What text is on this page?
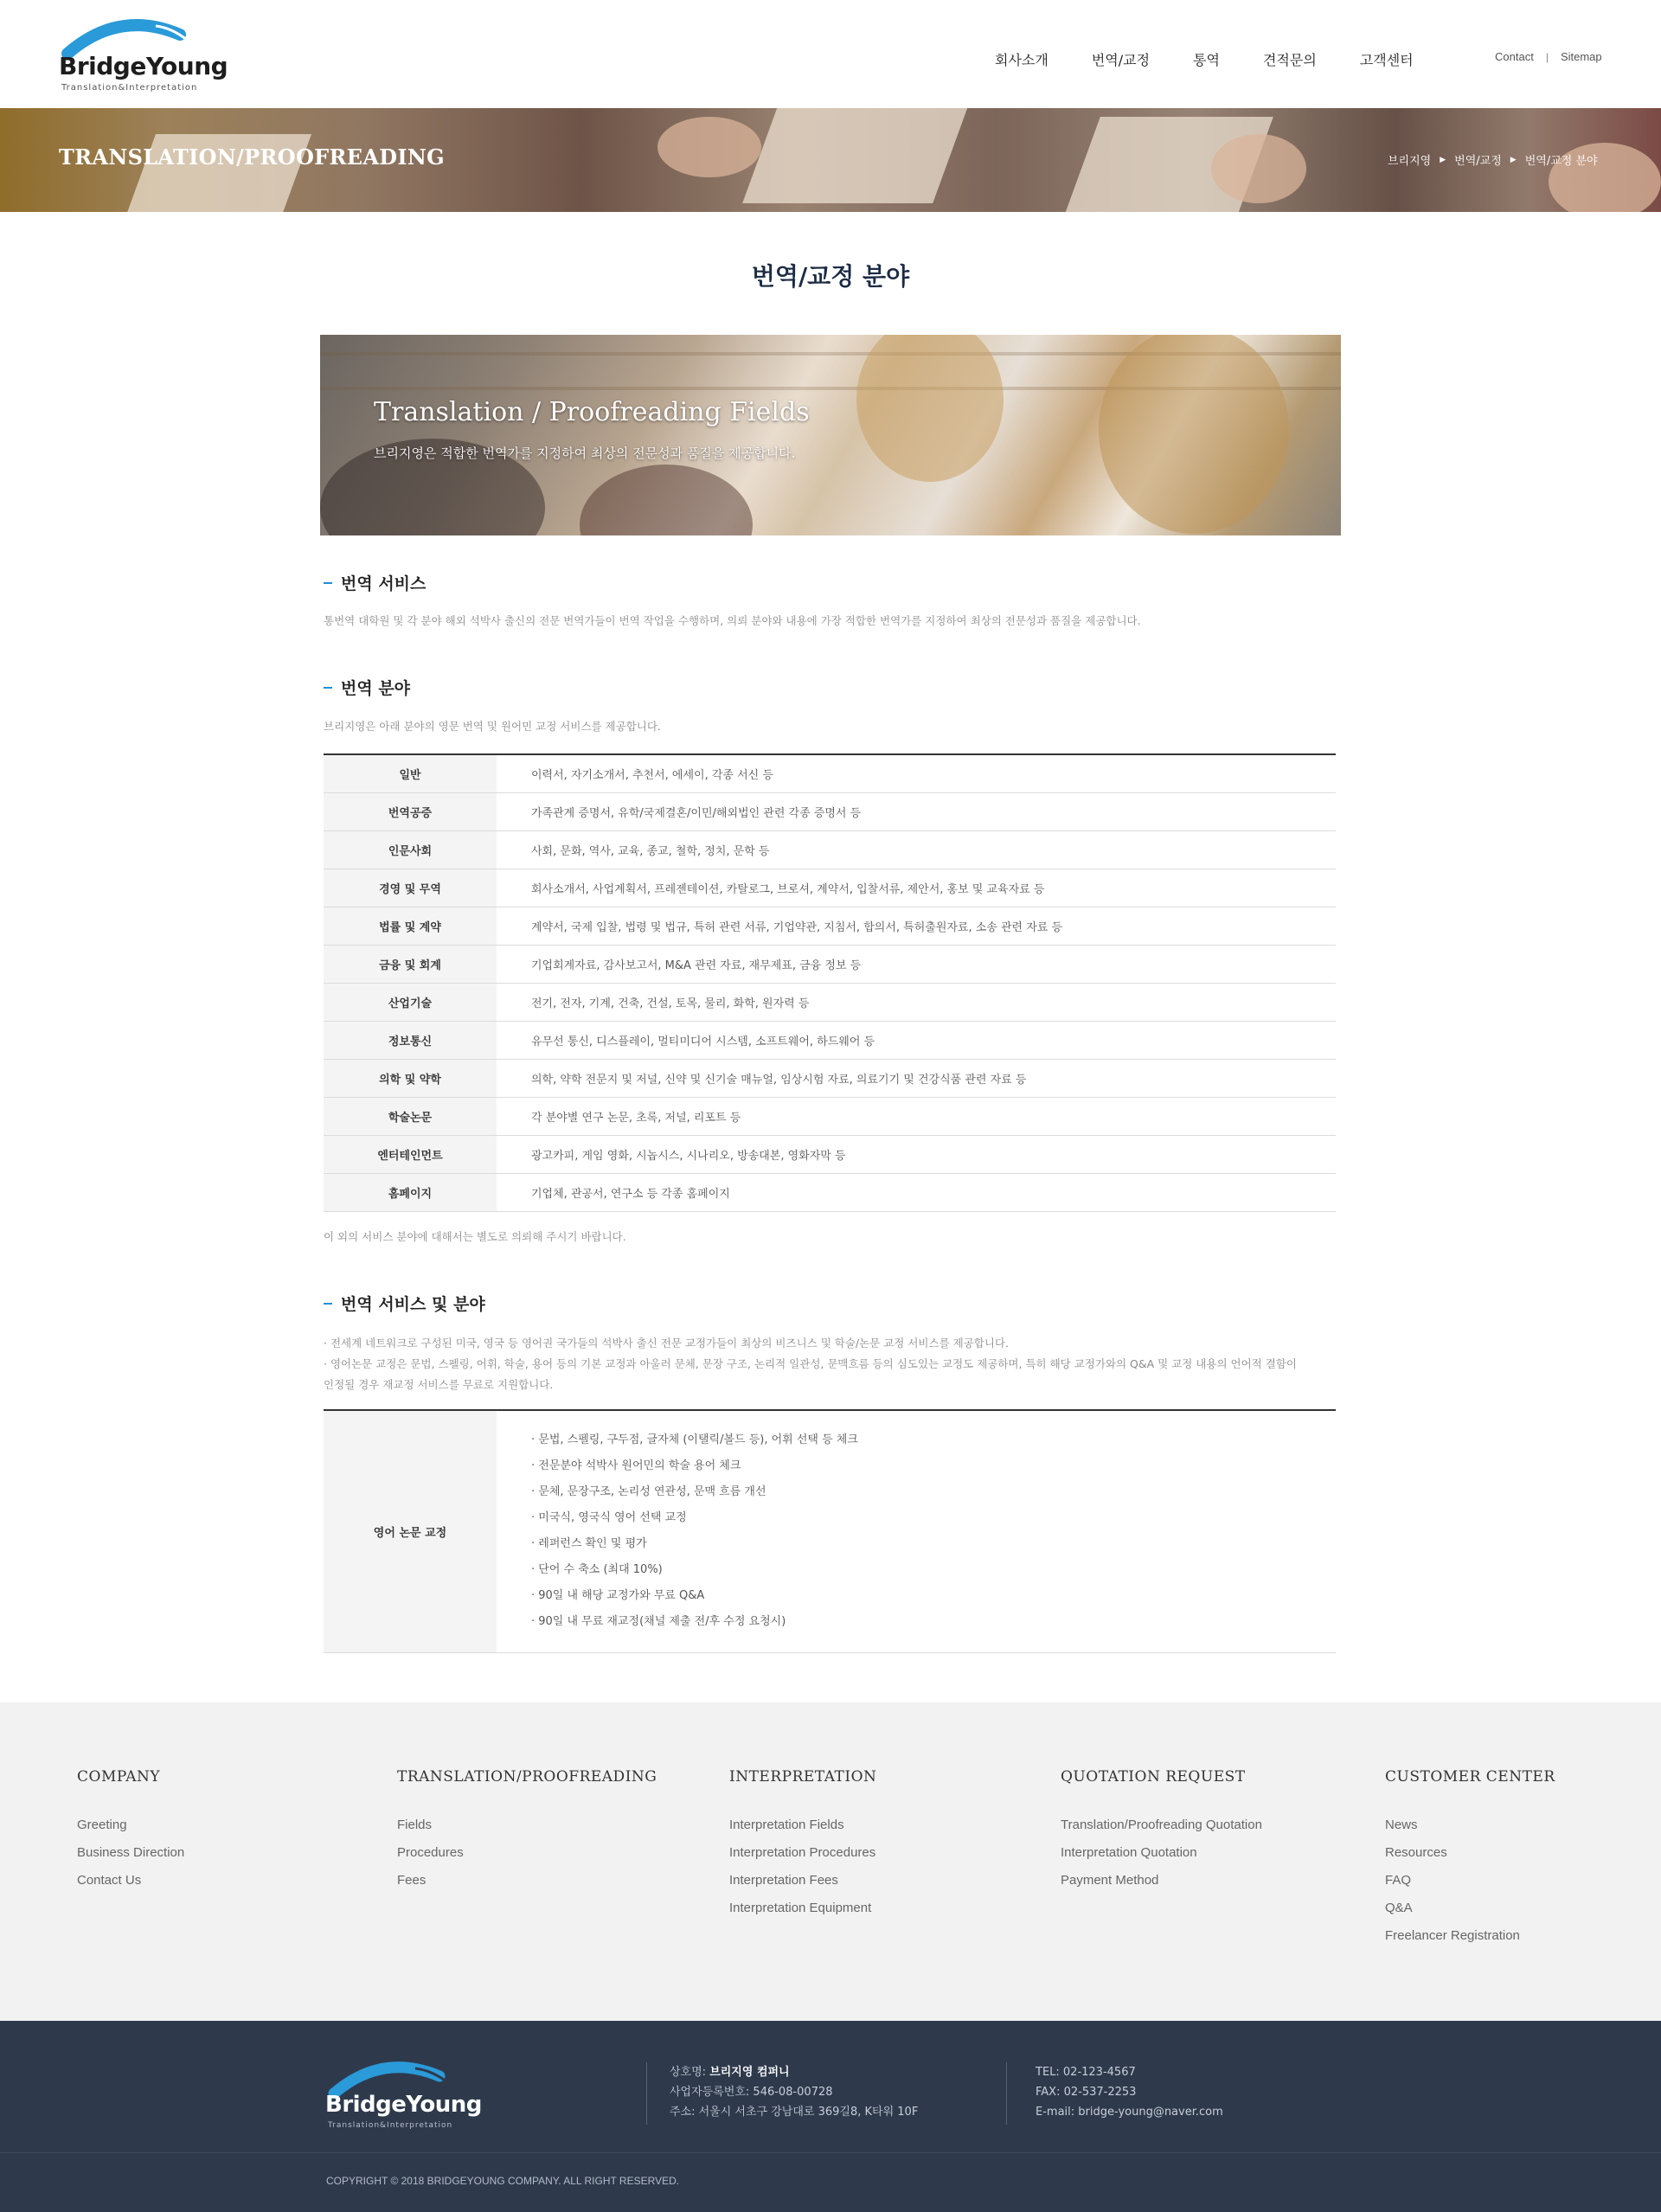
BridgeYoung
Translation&Interpretation
회사소개	번역/교정	통역	견적문의	고객센터	Contact | Sitemap
TRANSLATION/PROOFREADING	브리지영 ▶ 번역/교정 ▶ 번역/교정 분야
번역/교정 분야
Translation / Proofreading Fields
브리지영은 적합한 번역가를 지정하여 최상의 전문성과 품질을 제공합니다.
번역 서비스

통번역 대학원 및 각 분야 해외 석박사 출신의 전문 번역가들이 번역 작업을 수행하며, 의뢰 분야와 내용에 가장 적합한 번역가를 지정하여 최상의 전문성과 품질을 제공합니다.

번역 분야

브리지영은 아래 분야의 영문 번역 및 원어민 교정 서비스를 제공합니다.

일반	이력서, 자기소개서, 추천서, 에세이, 각종 서신 등
번역공증	가족관계 증명서, 유학/국제결혼/이민/해외법인 관련 각종 증명서 등
인문사회	사회, 문화, 역사, 교육, 종교, 철학, 정치, 문학 등
경영 및 무역	회사소개서, 사업계획서, 프레젠테이션, 카탈로그, 브로셔, 계약서, 입찰서류, 제안서, 홍보 및 교육자료 등
법률 및 계약	계약서, 국제 입찰, 법령 및 법규, 특허 관련 서류, 기업약관, 지침서, 합의서, 특허출원자료, 소송 관련 자료 등
금융 및 회계	기업회계자료, 감사보고서, M&A 관련 자료, 재무제표, 금융 정보 등
산업기술	전기, 전자, 기계, 건축, 건설, 토목, 물리, 화학, 원자력 등
정보통신	유무선 통신, 디스플레이, 멀티미디어 시스템, 소프트웨어, 하드웨어 등
의학 및 약학	의학, 약학 전문지 및 저널, 신약 및 신기술 매뉴얼, 임상시험 자료, 의료기기 및 건강식품 관련 자료 등
학술논문	각 분야별 연구 논문, 초록, 저널, 리포트 등
엔터테인먼트	광고카피, 게임 영화, 시놉시스, 시나리오, 방송대본, 영화자막 등
홈페이지	기업체, 관공서, 연구소 등 각종 홈페이지

이 외의 서비스 분야에 대해서는 별도로 의뢰해 주시기 바랍니다.

번역 서비스 및 분야

· 전세계 네트워크로 구성된 미국, 영국 등 영어권 국가들의 석박사 출신 전문 교정가들이 최상의 비즈니스 및 학술/논문 교정 서비스를 제공합니다.

· 영어논문 교정은 문법, 스펠링, 어휘, 학술, 용어 등의 기본 교정과 아울러 문체, 문장 구조, 논리적 일관성, 문맥흐름 등의 심도있는 교정도 제공하며, 특히 해당 교정가와의 Q&A 및 교정 내용의 언어적 결함이

인정될 경우 재교정 서비스를 무료로 지원합니다.

영어 논문 교정	
· 문법, 스펠링, 구두점, 글자체 (이탤릭/볼드 등), 어휘 선택 등 체크
· 전문분야 석박사 원어민의 학술 용어 체크
· 문체, 문장구조, 논리성 연관성, 문맥 흐름 개선
· 미국식, 영국식 영어 선택 교정
· 레퍼런스 확인 및 평가
· 단어 수 축소 (최대 10%)
· 90일 내 해당 교정가와 무료 Q&A
· 90일 내 무료 재교정(채널 제출 전/후 수정 요청시)
COMPANY
Greeting
Business Direction
Contact Us
TRANSLATION/PROOFREADING
Fields
Procedures
Fees
INTERPRETATION
Interpretation Fields
Interpretation Procedures
Interpretation Fees
Interpretation Equipment
QUOTATION REQUEST
Translation/Proofreading Quotation
Interpretation Quotation
Payment Method
CUSTOMER CENTER
News
Resources
FAQ
Q&A
Freelancer Registration
BridgeYoung
Translation&Interpretation
상호명: 브리지영 컴퍼니
사업자등록번호: 546-08-00728
주소: 서울시 서초구 강남대로 369길8, K타워 10F
TEL: 02-123-4567
FAX: 02-537-2253
E-mail: bridge-young@naver.com
COPYRIGHT © 2018 BRIDGEYOUNG COMPANY. ALL RIGHT RESERVED.
